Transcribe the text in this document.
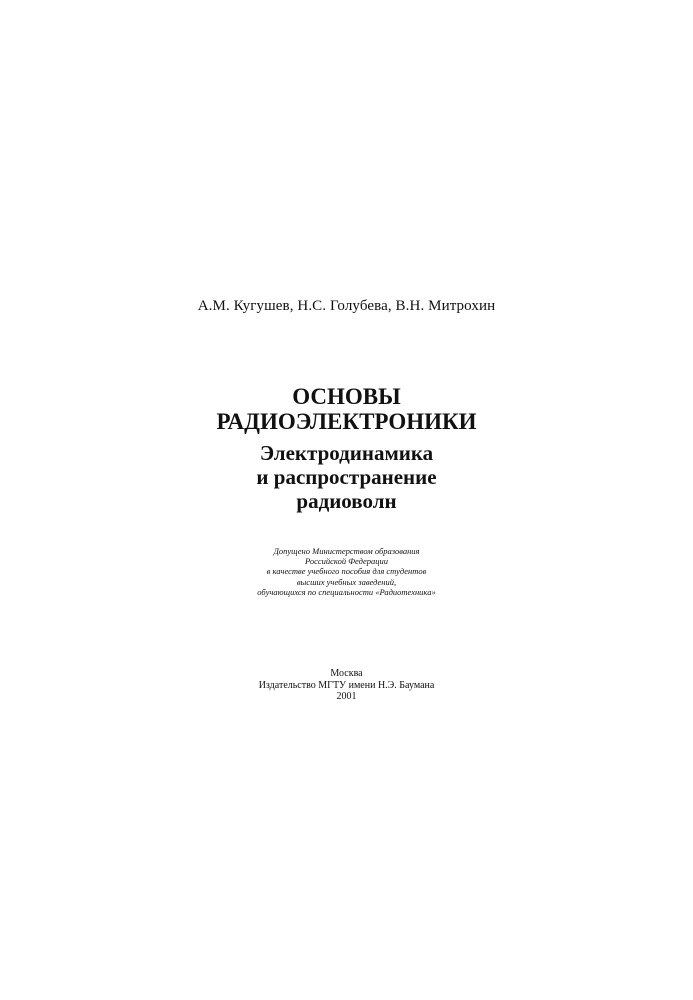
А.М. Кугушев, Н.С. Голубева, В.Н. Митрохин
ОСНОВЫ
РАДИОЭЛЕКТРОНИКИ
Электродинамика
и распространение
радиоволн
Допущено Министерством образования
Российской Федерации
в качестве учебного пособия для студентов
высших учебных заведений,
обучающихся по специальности «Радиотехника»
Москва
Издательство МГТУ имени Н.Э. Баумана
2001
